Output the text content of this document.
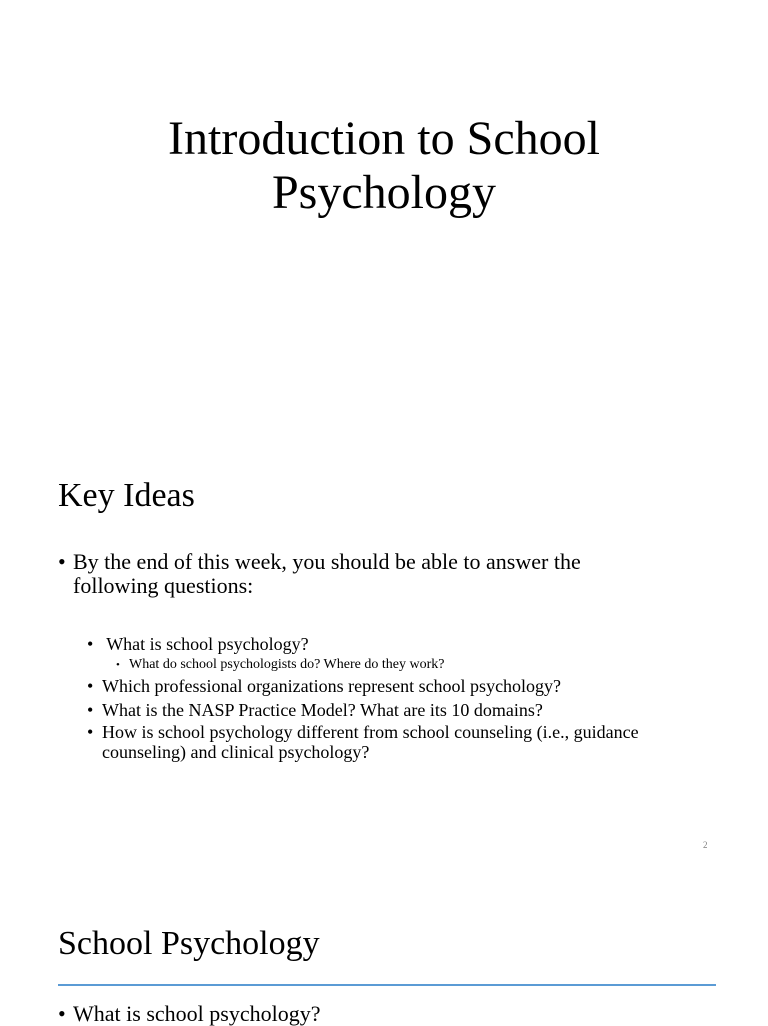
Introduction to School
Psychology
Key Ideas
• By the end of this week, you should be able to answer the
following questions:
• What is school psychology?
• What do school psychologists do? Where do they work?
• Which professional organizations represent school psychology?
• What is the NASP Practice Model? What are its 10 domains?
• How is school psychology different from school counseling (i.e., guidance counseling) and clinical psychology?
2
School Psychology
• What is school psychology?
